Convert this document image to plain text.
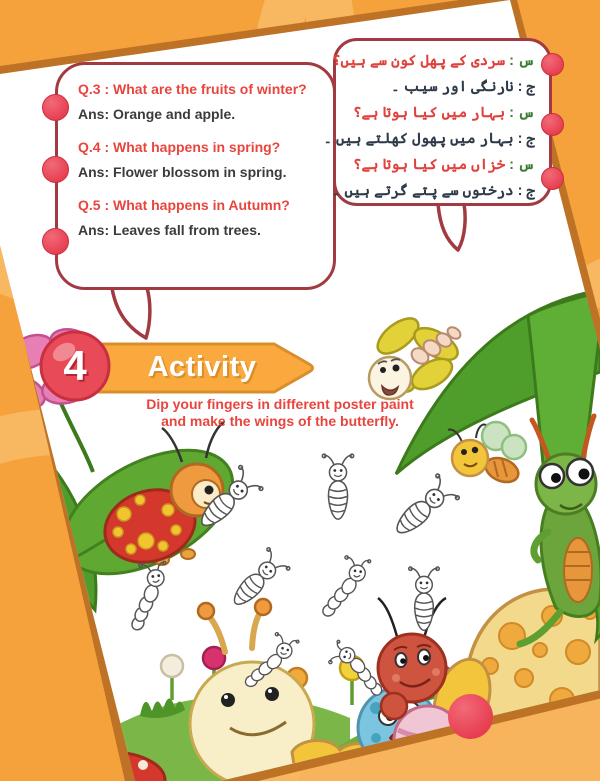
Q.3 : What are the fruits of winter?
Ans: Orange and apple.
Q.4 : What happens in spring?
Ans: Flower blossom in spring.
Q.5 : What happens in Autumn?
Ans: Leaves fall from trees.
س : سردی کے پھل کون سے ہیں؟
ج : نارنگی اور سیب ۔
س : بہار میں کیا ہوتا ہے؟
ج : بہار میں پھول کھلتے ہیں ۔
س : خزاں میں کیا ہوتا ہے؟
ج : درختوں سے پتے گرتے ہیں ۔
4	Activity
Dip your fingers in different poster paint
and make the wings of the butterfly.
